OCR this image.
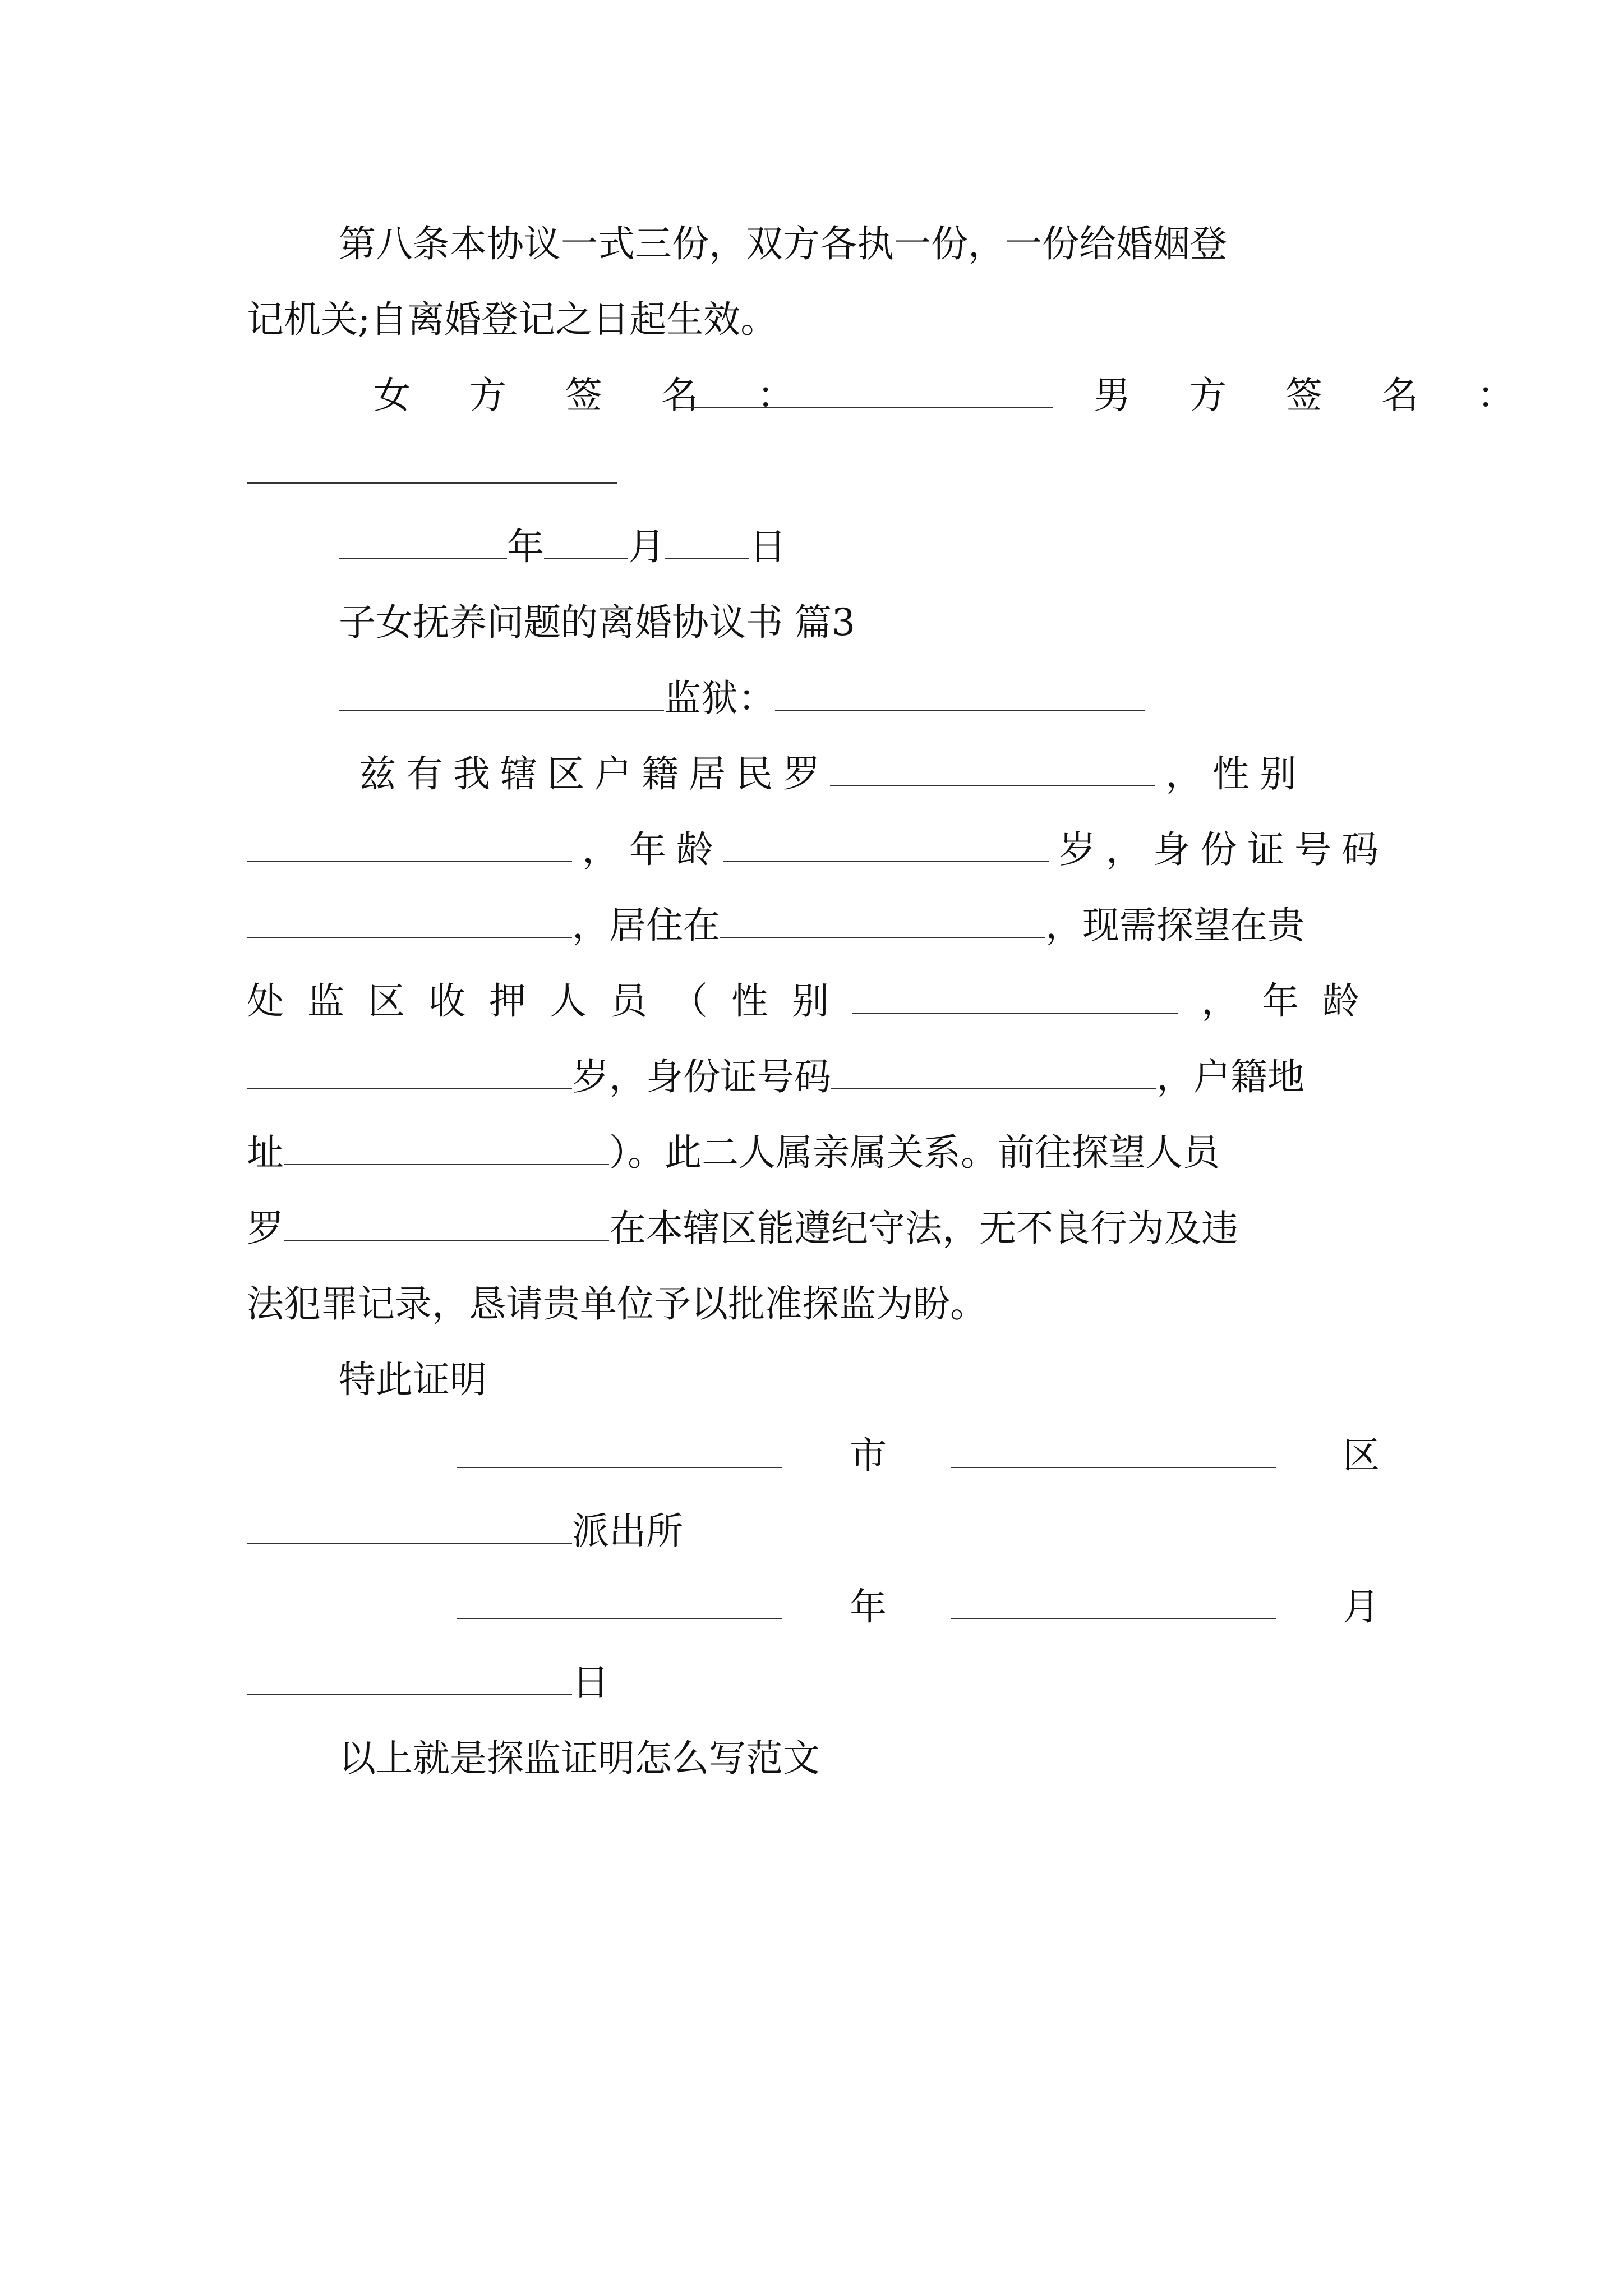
第八条本协议一式三份，双方各执一份，一份给婚姻登
记机关;自离婚登记之日起生效。
女 方 签 名 ：	男 方 签 名 ：
年 月 日
子女抚养问题的离婚协议书 篇3
监狱：
兹有我辖区户籍居民罗	，性别
，年龄	岁，身份证号码
，居住在	，现需探望在贵
处监区收押人员（性别	，年龄
岁，身份证号码	，户籍地
址	）。此二人属亲属关系。前往探望人员
罗	在本辖区能遵纪守法，无不良行为及违
法犯罪记录，恳请贵单位予以批准探监为盼。
特此证明
市	区
派出所
年	月
日
以上就是探监证明怎么写范文
